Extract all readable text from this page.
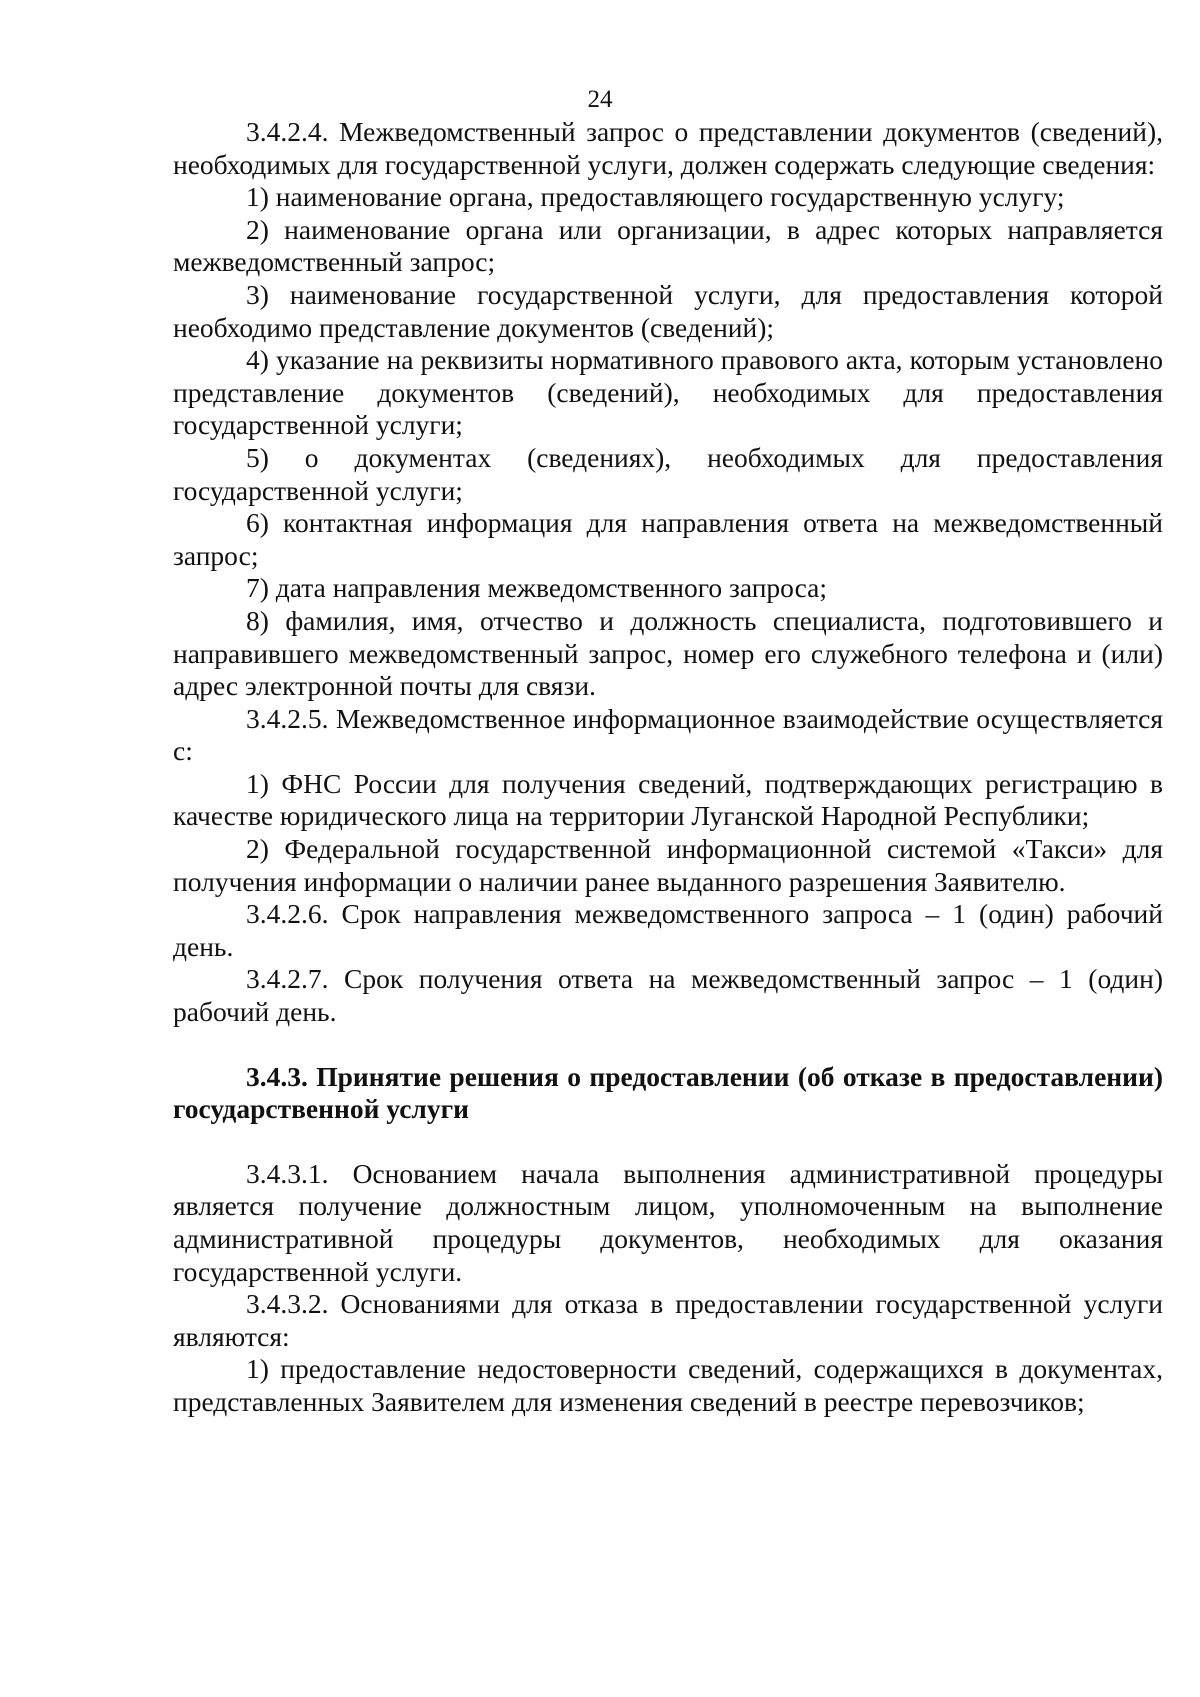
24

3.4.2.4. Межведомственный запрос о представлении документов (сведений), необходимых для государственной услуги, должен содержать следующие сведения:

1) наименование органа, предоставляющего государственную услугу;

2) наименование органа или организации, в адрес которых направляется межведомственный запрос;

3) наименование государственной услуги, для предоставления которой необходимо представление документов (сведений);

4) указание на реквизиты нормативного правового акта, которым установлено представление документов (сведений), необходимых для предоставления государственной услуги;

5) о документах (сведениях), необходимых для предоставления государственной услуги;

6) контактная информация для направления ответа на межведомственный запрос;

7) дата направления межведомственного запроса;

8) фамилия, имя, отчество и должность специалиста, подготовившего и направившего межведомственный запрос, номер его служебного телефона и (или) адрес электронной почты для связи.

3.4.2.5. Межведомственное информационное взаимодействие осуществляется с:

1) ФНС России для получения сведений, подтверждающих регистрацию в качестве юридического лица на территории Луганской Народной Республики;

2) Федеральной государственной информационной системой «Такси» для получения информации о наличии ранее выданного разрешения Заявителю.

3.4.2.6. Срок направления межведомственного запроса – 1 (один) рабочий день.

3.4.2.7. Срок получения ответа на межведомственный запрос – 1 (один) рабочий день.

3.4.3. Принятие решения о предоставлении (об отказе в предоставлении) государственной услуги

3.4.3.1. Основанием начала выполнения административной процедуры является получение должностным лицом, уполномоченным на выполнение административной процедуры документов, необходимых для оказания государственной услуги.

3.4.3.2. Основаниями для отказа в предоставлении государственной услуги являются:

1) предоставление недостоверности сведений, содержащихся в документах, представленных Заявителем для изменения сведений в реестре перевозчиков;
